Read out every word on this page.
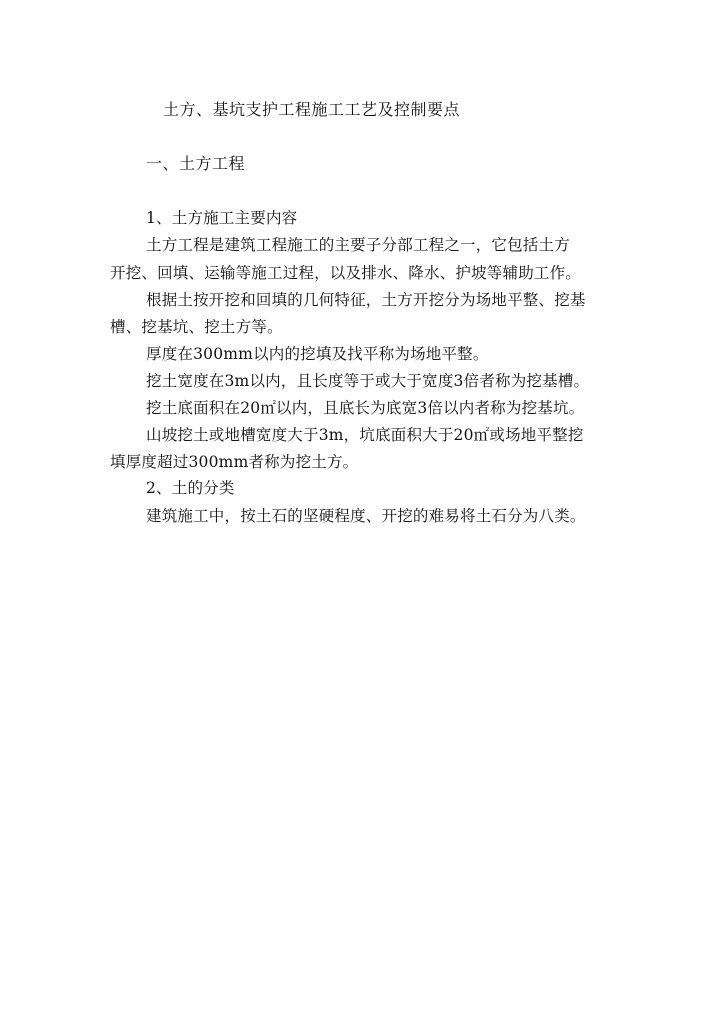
土方、基坑支护工程施工工艺及控制要点
一、土方工程
1、土方施工主要内容
土方工程是建筑工程施工的主要子分部工程之一，它包括土方
开挖、回填、运输等施工过程，以及排水、降水、护坡等辅助工作。
根据土按开挖和回填的几何特征，土方开挖分为场地平整、挖基
槽、挖基坑、挖土方等。
厚度在300mm以内的挖填及找平称为场地平整。
挖土宽度在3m以内，且长度等于或大于宽度3倍者称为挖基槽。
挖土底面积在20㎡以内，且底长为底宽3倍以内者称为挖基坑。
山坡挖土或地槽宽度大于3m，坑底面积大于20㎡或场地平整挖
填厚度超过300mm者称为挖土方。
2、土的分类
建筑施工中，按土石的坚硬程度、开挖的难易将土石分为八类。
